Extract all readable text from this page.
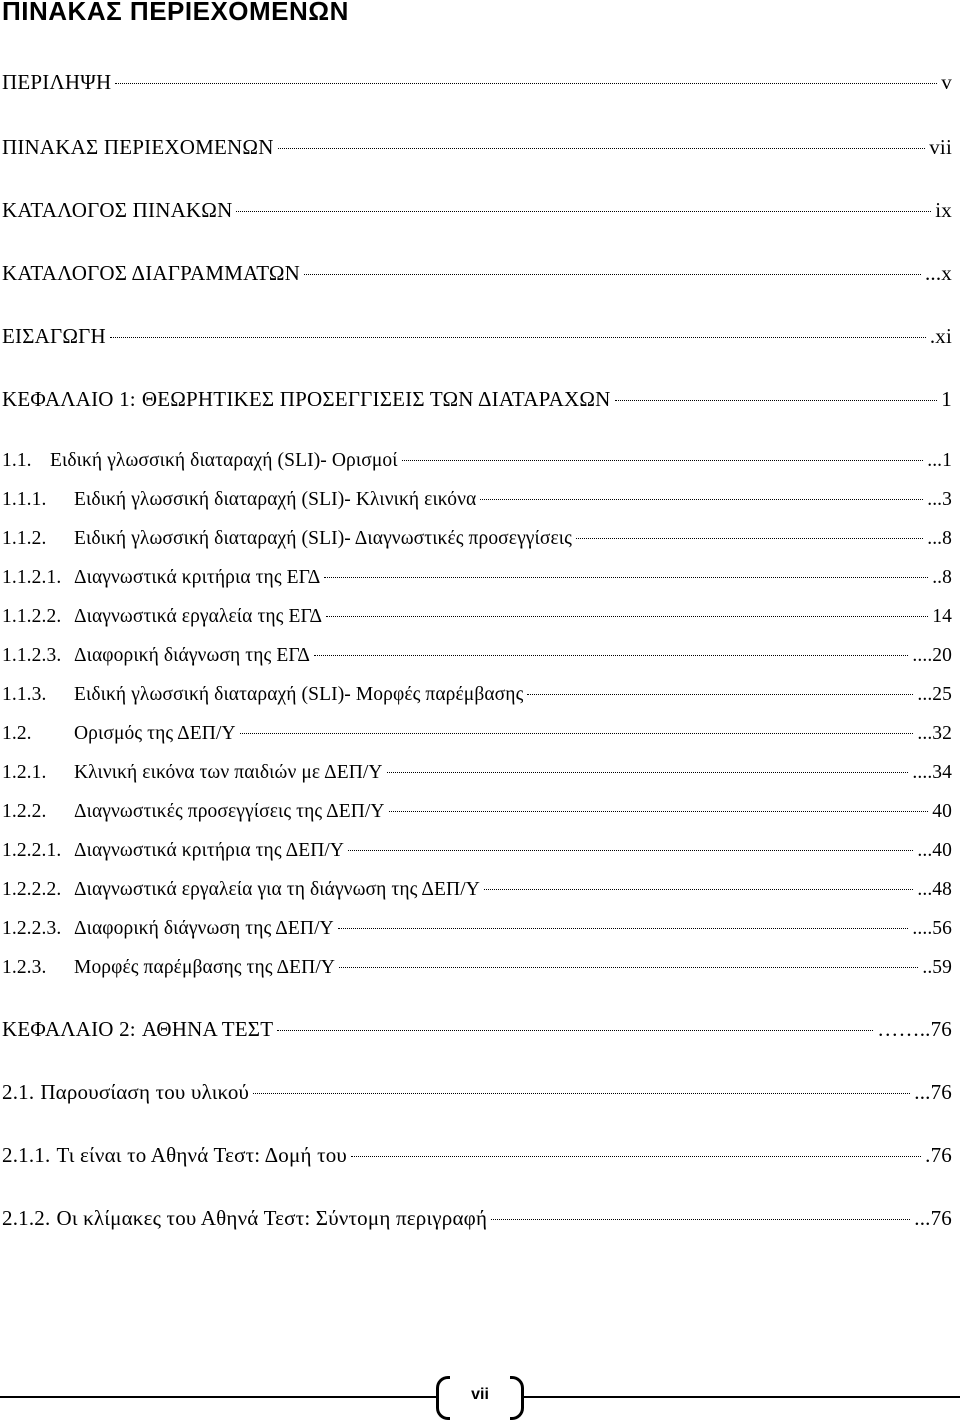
ΠΙΝΑΚΑΣ ΠΕΡΙΕΧΟΜΕΝΩΝ
ΠΕΡΙΛΗΨΗ	v
ΠΙΝΑΚΑΣ ΠΕΡΙΕΧΟΜΕΝΩΝ	vii
ΚΑΤΑΛΟΓΟΣ ΠΙΝΑΚΩΝ	ix
ΚΑΤΑΛΟΓΟΣ ΔΙΑΓΡΑΜΜΑΤΩΝ	...x
ΕΙΣΑΓΩΓΗ	.xi
ΚΕΦΑΛΑΙΟ 1: ΘΕΩΡΗΤΙΚΕΣ ΠΡΟΣΕΓΓΙΣΕΙΣ ΤΩΝ ΔΙΑΤΑΡΑΧΩΝ	1
1.1. Ειδική γλωσσική διαταραχή (SLI)- Ορισμοί	...1
1.1.1.	Ειδική γλωσσική διαταραχή (SLI)- Κλινική εικόνα	...3
1.1.2.	Ειδική γλωσσική διαταραχή (SLI)- Διαγνωστικές προσεγγίσεις	...8
1.1.2.1. Διαγνωστικά κριτήρια της ΕΓΔ	..8
1.1.2.2. Διαγνωστικά εργαλεία της ΕΓΔ	14
1.1.2.3. Διαφορική διάγνωση της ΕΓΔ	....20
1.1.3.	Ειδική γλωσσική διαταραχή (SLI)- Μορφές παρέμβασης	...25
1.2.	Ορισμός της ΔΕΠ/Υ	...32
1.2.1.	Κλινική εικόνα των παιδιών με ΔΕΠ/Υ	....34
1.2.2.	Διαγνωστικές προσεγγίσεις της ΔΕΠ/Υ	40
1.2.2.1. Διαγνωστικά κριτήρια της ΔΕΠ/Υ	...40
1.2.2.2. Διαγνωστικά εργαλεία για τη διάγνωση της ΔΕΠ/Υ	...48
1.2.2.3. Διαφορική διάγνωση της ΔΕΠ/Υ	....56
1.2.3.	Μορφές παρέμβασης της ΔΕΠ/Υ	..59
ΚΕΦΑΛΑΙΟ 2: ΑΘΗΝΑ ΤΕΣΤ	……..76
2.1. Παρουσίαση του υλικού	...76
2.1.1. Τι είναι το Αθηνά Τεστ: Δομή του	.76
2.1.2. Οι κλίμακες του Αθηνά Τεστ: Σύντομη περιγραφή	...76
vii
